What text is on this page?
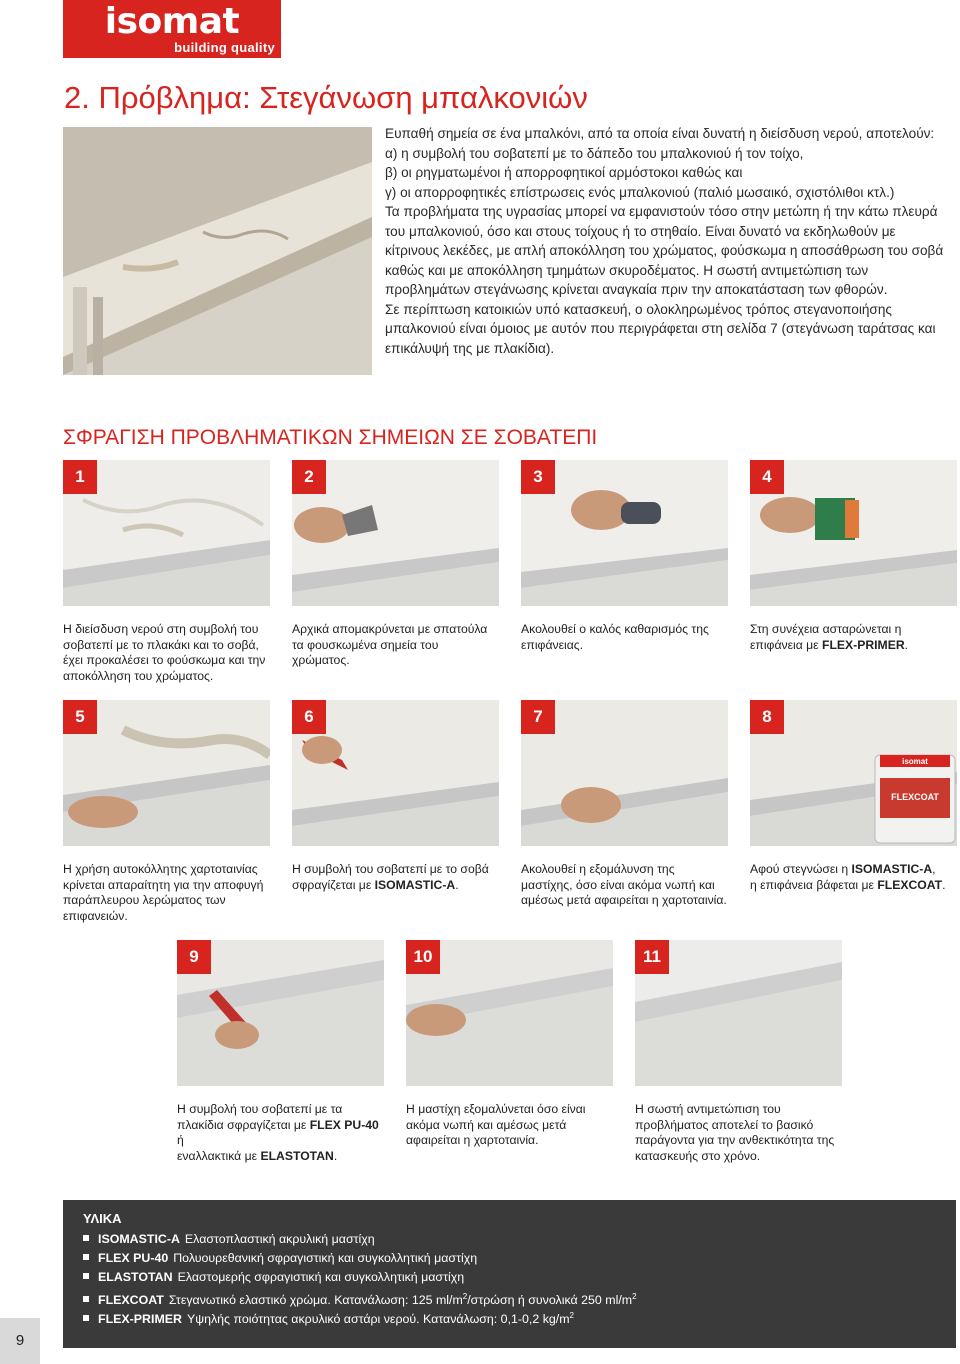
isomat
building quality
2. Πρόβλημα: Στεγάνωση μπαλκονιών

Ευπαθή σημεία σε ένα μπαλκόνι, από τα οποία είναι δυνατή η διείσδυση νερού, αποτελούν:

α) η συμβολή του σοβατεπί με το δάπεδο του μπαλκονιού ή τον τοίχο,

β) οι ρηγματωμένοι ή απορροφητικοί αρμόστοκοι καθώς και

γ) οι απορροφητικές επίστρωσεις ενός μπαλκονιού (παλιό μωσαικό, σχιστόλιθοι κτλ.)

Τα προβλήματα της υγρασίας μπορεί να εμφανιστούν τόσο στην μετώπη ή την κάτω πλευρά του μπαλκονιού, όσο και στους τοίχους ή το στηθαίο. Είναι δυνατό να εκδηλωθούν με κίτρινους λεκέδες, με απλή αποκόλληση του χρώματος, φούσκωμα η αποσάθρωση του σοβά καθώς και με αποκόλληση τμημάτων σκυροδέματος. Η σωστή αντιμετώπιση των προβλημάτων στεγάνωσης κρίνεται αναγκαία πριν την αποκατάσταση των φθορών.

Σε περίπτωση κατοικιών υπό κατασκευή, ο ολοκληρωμένος τρόπος στεγανοποιήσης μπαλκονιού είναι όμοιος με αυτόν που περιγράφεται στη σελίδα 7 (στεγάνωση ταράτσας και επικάλυψή της με πλακίδια).

ΣΦΡΑΓΙΣΗ ΠΡΟΒΛΗΜΑΤΙΚΩΝ ΣΗΜΕΙΩΝ ΣΕ ΣΟΒΑΤΕΠΙ
1	2	3	4
Η διείσδυση νερού στη συμβολή του σοβατεπί με το πλακάκι και το σοβά, έχει προκαλέσει το φούσκωμα και την αποκόλληση του χρώματος.
Αρχικά απομακρύνεται με σπατούλα τα φουσκωμένα σημεία του χρώματος.
Ακολουθεί ο καλός καθαρισμός της επιφάνειας.
Στη συνέχεια ασταρώνεται η επιφάνεια με FLEX-PRIMER.
5	6	7
isomat
FLEXCOAT
8
Η χρήση αυτοκόλλητης χαρτοταινίας κρίνεται απαραίτητη για την αποφυγή παράπλευρου λερώματος των επιφανειών.
Η συμβολή του σοβατεπί με το σοβά σφραγίζεται με ISOMASTIC-A.
Ακολουθεί η εξομάλυνση της μαστίχης, όσο είναι ακόμα νωπή και αμέσως μετά αφαιρείται η χαρτοταινία.
Αφού στεγνώσει η ISOMASTIC-A,
η επιφάνεια βάφεται με FLEXCOAT.
9	10	11
Η συμβολή του σοβατεπί με τα πλακίδια σφραγίζεται με FLEX PU-40 ή
εναλλακτικά με ELASTOTAN.
Η μαστίχη εξομαλύνεται όσο είναι ακόμα νωπή και αμέσως μετά αφαιρείται η χαρτοταινία.
Η σωστή αντιμετώπιση του προβλήματος αποτελεί το βασικό παράγοντα για την ανθεκτικότητα της κατασκευής στο χρόνο.
ΥΛΙΚΑ
ISOMASTIC-A Ελαστοπλαστική ακρυλική μαστίχη
FLEX PU-40 Πολυουρεθανική σφραγιστική και συγκολλητική μαστίχη
ELASTOTAN Ελαστομερής σφραγιστική και συγκολλητική μαστίχη
FLEXCOAT Στεγανωτικό ελαστικό χρώμα. Κατανάλωση: 125 $ml/m^2$/στρώση ή συνολικά 250 $ml/m^2$
FLEX-PRIMER Υψηλής ποιότητας ακρυλικό αστάρι νερού. Κατανάλωση: 0,1-0,2 $kg/m^2$
9
